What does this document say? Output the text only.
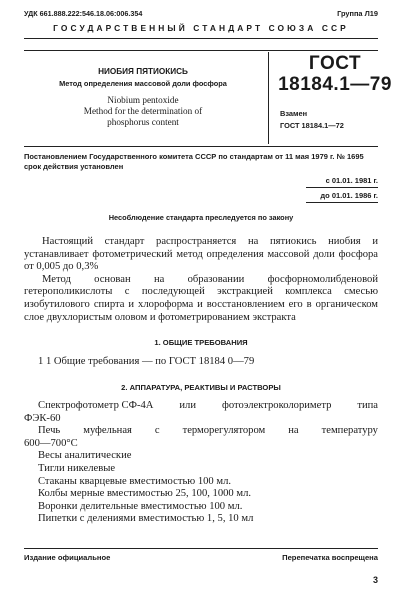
УДК 661.888.222:546.18.06:006.354	Группа Л19
ГОСУДАРСТВЕННЫЙ СТАНДАРТ СОЮЗА ССР
НИОБИЯ ПЯТИОКИСЬ
Метод определения массовой доли фосфора
Niobium pentoxide
Method for the determination of
phosphorus content
ГОСТ
18184.1—79
Взамен
ГОСТ 18184.1—72
Постановлением Государственного комитета СССР по стандартам от 11 мая 1979 г. № 1695 срок действия установлен
с 01.01. 1981 г.
до 01.01. 1986 г.
Несоблюдение стандарта преследуется по закону

Настоящий стандарт распространяется на пятиокись ниобия и устанавливает фотометрический метод определения массовой доли фосфора от 0,005 до 0,3%

Метод основан на образовании фосфорномолибденовой гетерополикислоты с последующей экстракцией комплекса смесью изобутилового спирта и хлороформа и восстановлением его в органическом слое двухлористым оловом и фотометрированием экстракта

1. ОБЩИЕ ТРЕБОВАНИЯ
1 1 Общие требования — по ГОСТ 18184 0—79
2. АППАРАТУРА, РЕАКТИВЫ И РАСТВОРЫ
Спектрофотометр СФ-4А или фотоэлектроколориметр типа
ФЭК-60
Печь муфельная с терморегулятором на температуру
600—700°С
Весы аналитические
Тигли никелевые
Стаканы кварцевые вместимостью 100 мл.
Колбы мерные вместимостью 25, 100, 1000 мл.
Воронки делительные вместимостью 100 мл.
Пипетки с делениями вместимостью 1, 5, 10 мл
Издание официальное	Перепечатка воспрещена
3
